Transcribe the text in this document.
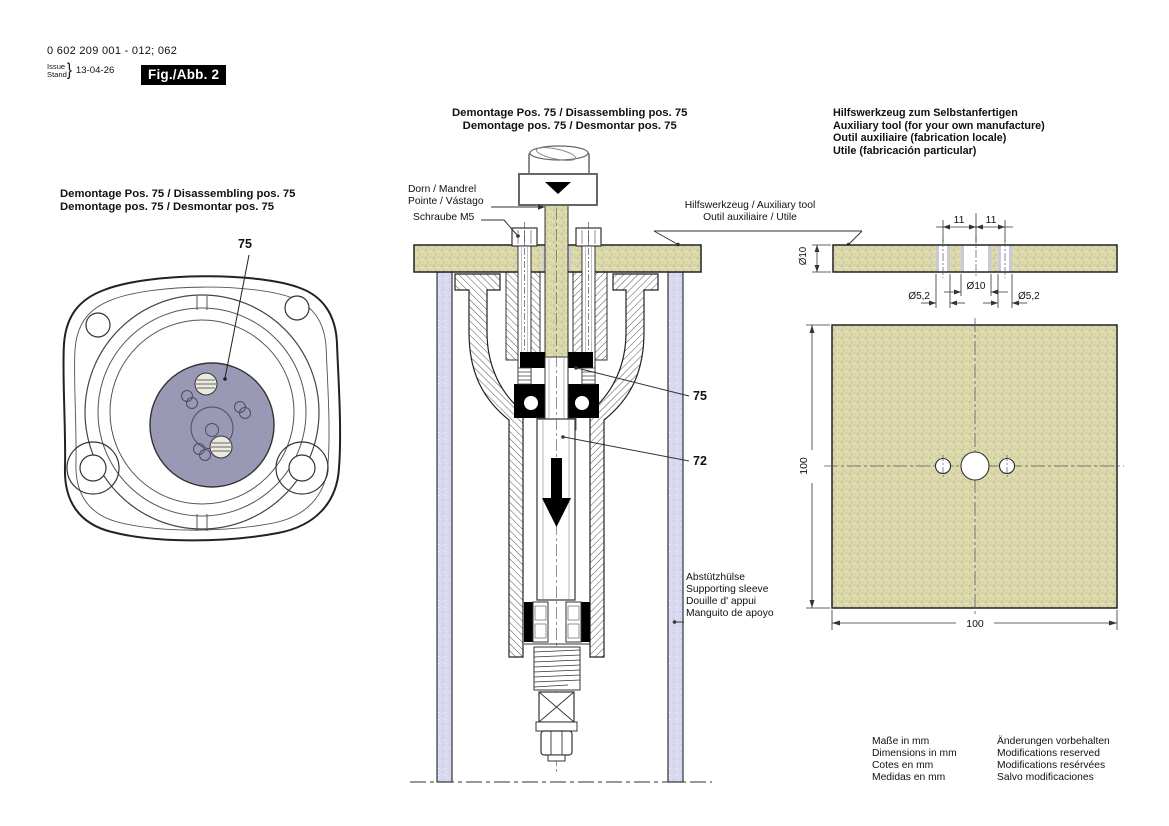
11 11
Ø10
Ø10
Ø5,2	Ø5,2
100
100
0 602 209 001 - 012; 062
Issue
Stand } 13-04-26	Fig./Abb. 2
Demontage Pos. 75 / Disassembling pos. 75
Demontage pos. 75 / Desmontar pos. 75
Demontage Pos. 75 / Disassembling pos. 75
Demontage pos. 75 / Desmontar pos. 75
Hilfswerkzeug zum Selbstanfertigen
Auxiliary tool (for your own manufacture)
Outil auxiliaire (fabrication locale)
Utile (fabricación particular)
Hilfswerkzeug / Auxiliary tool
Outil auxiliaire / Utile
Dorn / Mandrel
Pointe / Vástago
Schraube M5
75
75
72
Abstützhülse
Supporting sleeve
Douille d' appui
Manguito de apoyo
Maße in mm
Dimensions in mm
Cotes en mm
Medidas en mm
Änderungen vorbehalten
Modifications reserved
Modifications resérvées
Salvo modificaciones
